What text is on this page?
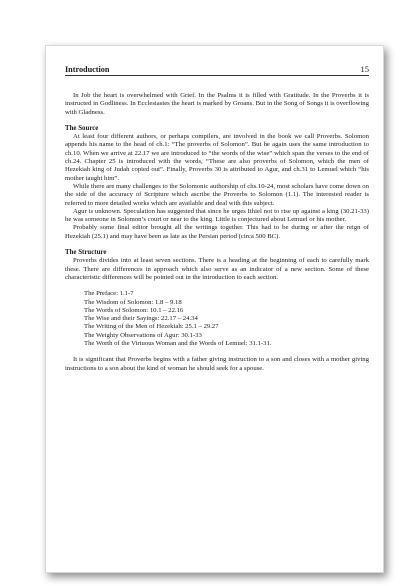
Introduction	15

In Job the heart is overwhelmed with Grief. In the Psalms it is filled with Gratitude. In the Proverbs it is instructed in Godliness. In Ecclesiastes the heart is marked by Groans. But in the Song of Songs it is overflowing with Gladness.

The Source

At least four different authors, or perhaps compilers, are involved in the book we call Proverbs. Solomon appends his name to the head of ch.1: “The proverbs of Solomon”. But he again uses the same introduction to ch.10. When we arrive at 22.17 we are introduced to “the words of the wise” which span the verses to the end of ch.24. Chapter 25 is introduced with the words, “These are also proverbs of Solomon, which the men of Hezekiah king of Judah copied out”. Finally, Proverbs 30 is attributed to Agur, and ch.31 to Lemuel which “his mother taught him”.

While there are many challenges to the Solomonic authorship of chs.10-24, most scholars have come down on the side of the accuracy of Scripture which ascribe the Proverbs to Solomon (1.1). The interested reader is referred to more detailed works which are available and deal with this subject.

Agur is unknown. Speculation has suggested that since he urges Ithiel not to rise up against a king (30.21-33) he was someone in Solomon’s court or near to the king. Little is conjectured about Lemuel or his mother.

Probably some final editor brought all the writings together. This had to be during or after the reign of Hezekiah (25.1) and may have been as late as the Persian period (circa 500 BC).

The Structure

Proverbs divides into at least seven sections. There is a heading at the beginning of each to carefully mark these. There are differences in approach which also serve as an indicator of a new section. Some of these characteristic differences will be pointed out in the introduction to each section.

The Preface: 1.1-7
The Wisdom of Solomon: 1.8 – 9.18
The Words of Solomon: 10.1 – 22.16
The Wise and their Sayings: 22.17 – 24.34
The Writing of the Men of Hezekiah: 25.1 – 29.27
The Weighty Observations of Agur: 30.1-33
The Worth of the Virtuous Woman and the Words of Lemuel: 31.1-31.

It is significant that Proverbs begins with a father giving instruction to a son and closes with a mother giving instructions to a son about the kind of woman he should seek for a spouse.
